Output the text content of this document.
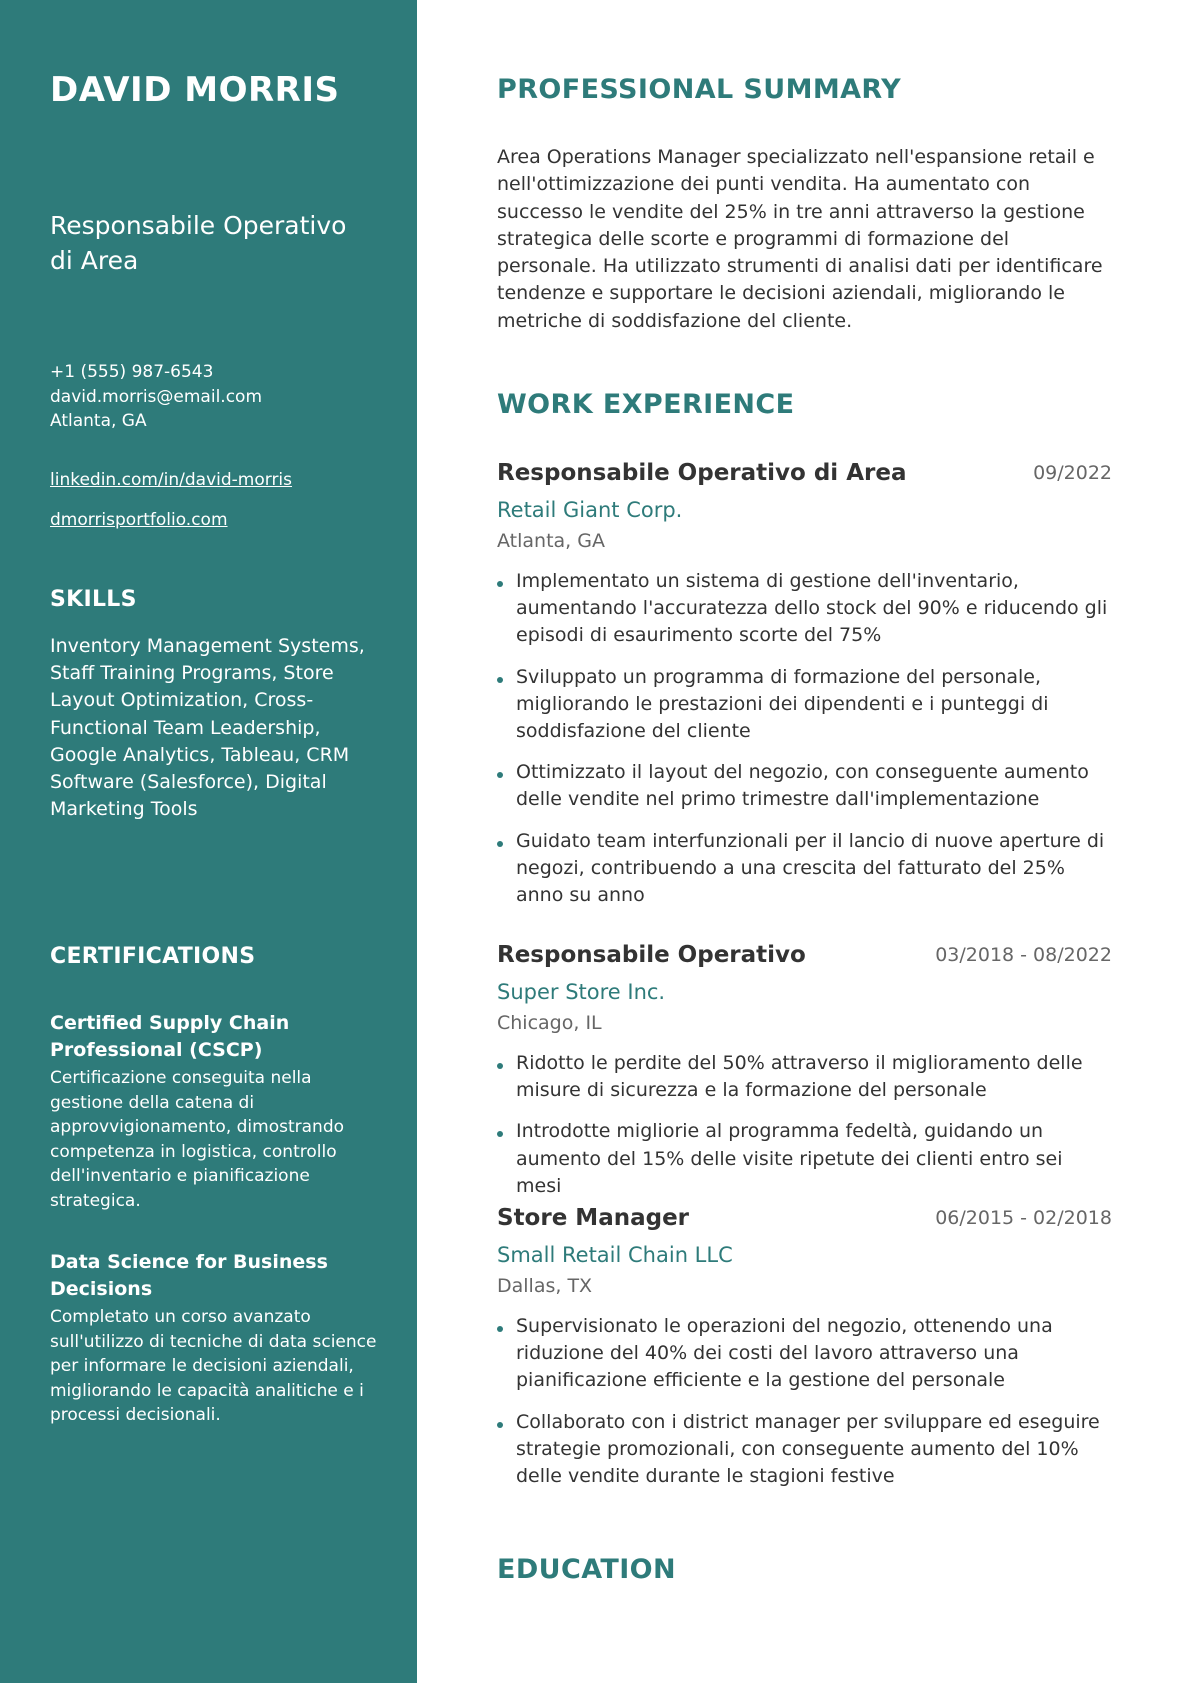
DAVID MORRIS
Responsabile Operativo di Area
+1 (555) 987-6543
david.morris@email.com
Atlanta, GA
linkedin.com/in/david-morris
dmorrisportfolio.com
SKILLS
Inventory Management Systems, Staff Training Programs, Store Layout Optimization, Cross-Functional Team Leadership, Google Analytics, Tableau, CRM Software (Salesforce), Digital Marketing Tools
CERTIFICATIONS
Certified Supply Chain Professional (CSCP)
Certificazione conseguita nella gestione della catena di approvvigionamento, dimostrando competenza in logistica, controllo dell'inventario e pianificazione strategica.
Data Science for Business Decisions
Completato un corso avanzato sull'utilizzo di tecniche di data science per informare le decisioni aziendali, migliorando le capacità analitiche e i processi decisionali.
PROFESSIONAL SUMMARY
Area Operations Manager specializzato nell'espansione retail e nell'ottimizzazione dei punti vendita. Ha aumentato con successo le vendite del 25% in tre anni attraverso la gestione strategica delle scorte e programmi di formazione del personale. Ha utilizzato strumenti di analisi dati per identificare tendenze e supportare le decisioni aziendali, migliorando le metriche di soddisfazione del cliente.
WORK EXPERIENCE
Responsabile Operativo di Area	09/2022
Retail Giant Corp.
Atlanta, GA
Implementato un sistema di gestione dell'inventario, aumentando l'accuratezza dello stock del 90% e riducendo gli episodi di esaurimento scorte del 75%
Sviluppato un programma di formazione del personale, migliorando le prestazioni dei dipendenti e i punteggi di soddisfazione del cliente
Ottimizzato il layout del negozio, con conseguente aumento delle vendite nel primo trimestre dall'implementazione
Guidato team interfunzionali per il lancio di nuove aperture di negozi, contribuendo a una crescita del fatturato del 25% anno su anno
Responsabile Operativo	03/2018 - 08/2022
Super Store Inc.
Chicago, IL
Ridotto le perdite del 50% attraverso il miglioramento delle misure di sicurezza e la formazione del personale
Introdotte migliorie al programma fedeltà, guidando un aumento del 15% delle visite ripetute dei clienti entro sei mesi
Store Manager	06/2015 - 02/2018
Small Retail Chain LLC
Dallas, TX
Supervisionato le operazioni del negozio, ottenendo una riduzione del 40% dei costi del lavoro attraverso una pianificazione efficiente e la gestione del personale
Collaborato con i district manager per sviluppare ed eseguire strategie promozionali, con conseguente aumento del 10% delle vendite durante le stagioni festive
EDUCATION
